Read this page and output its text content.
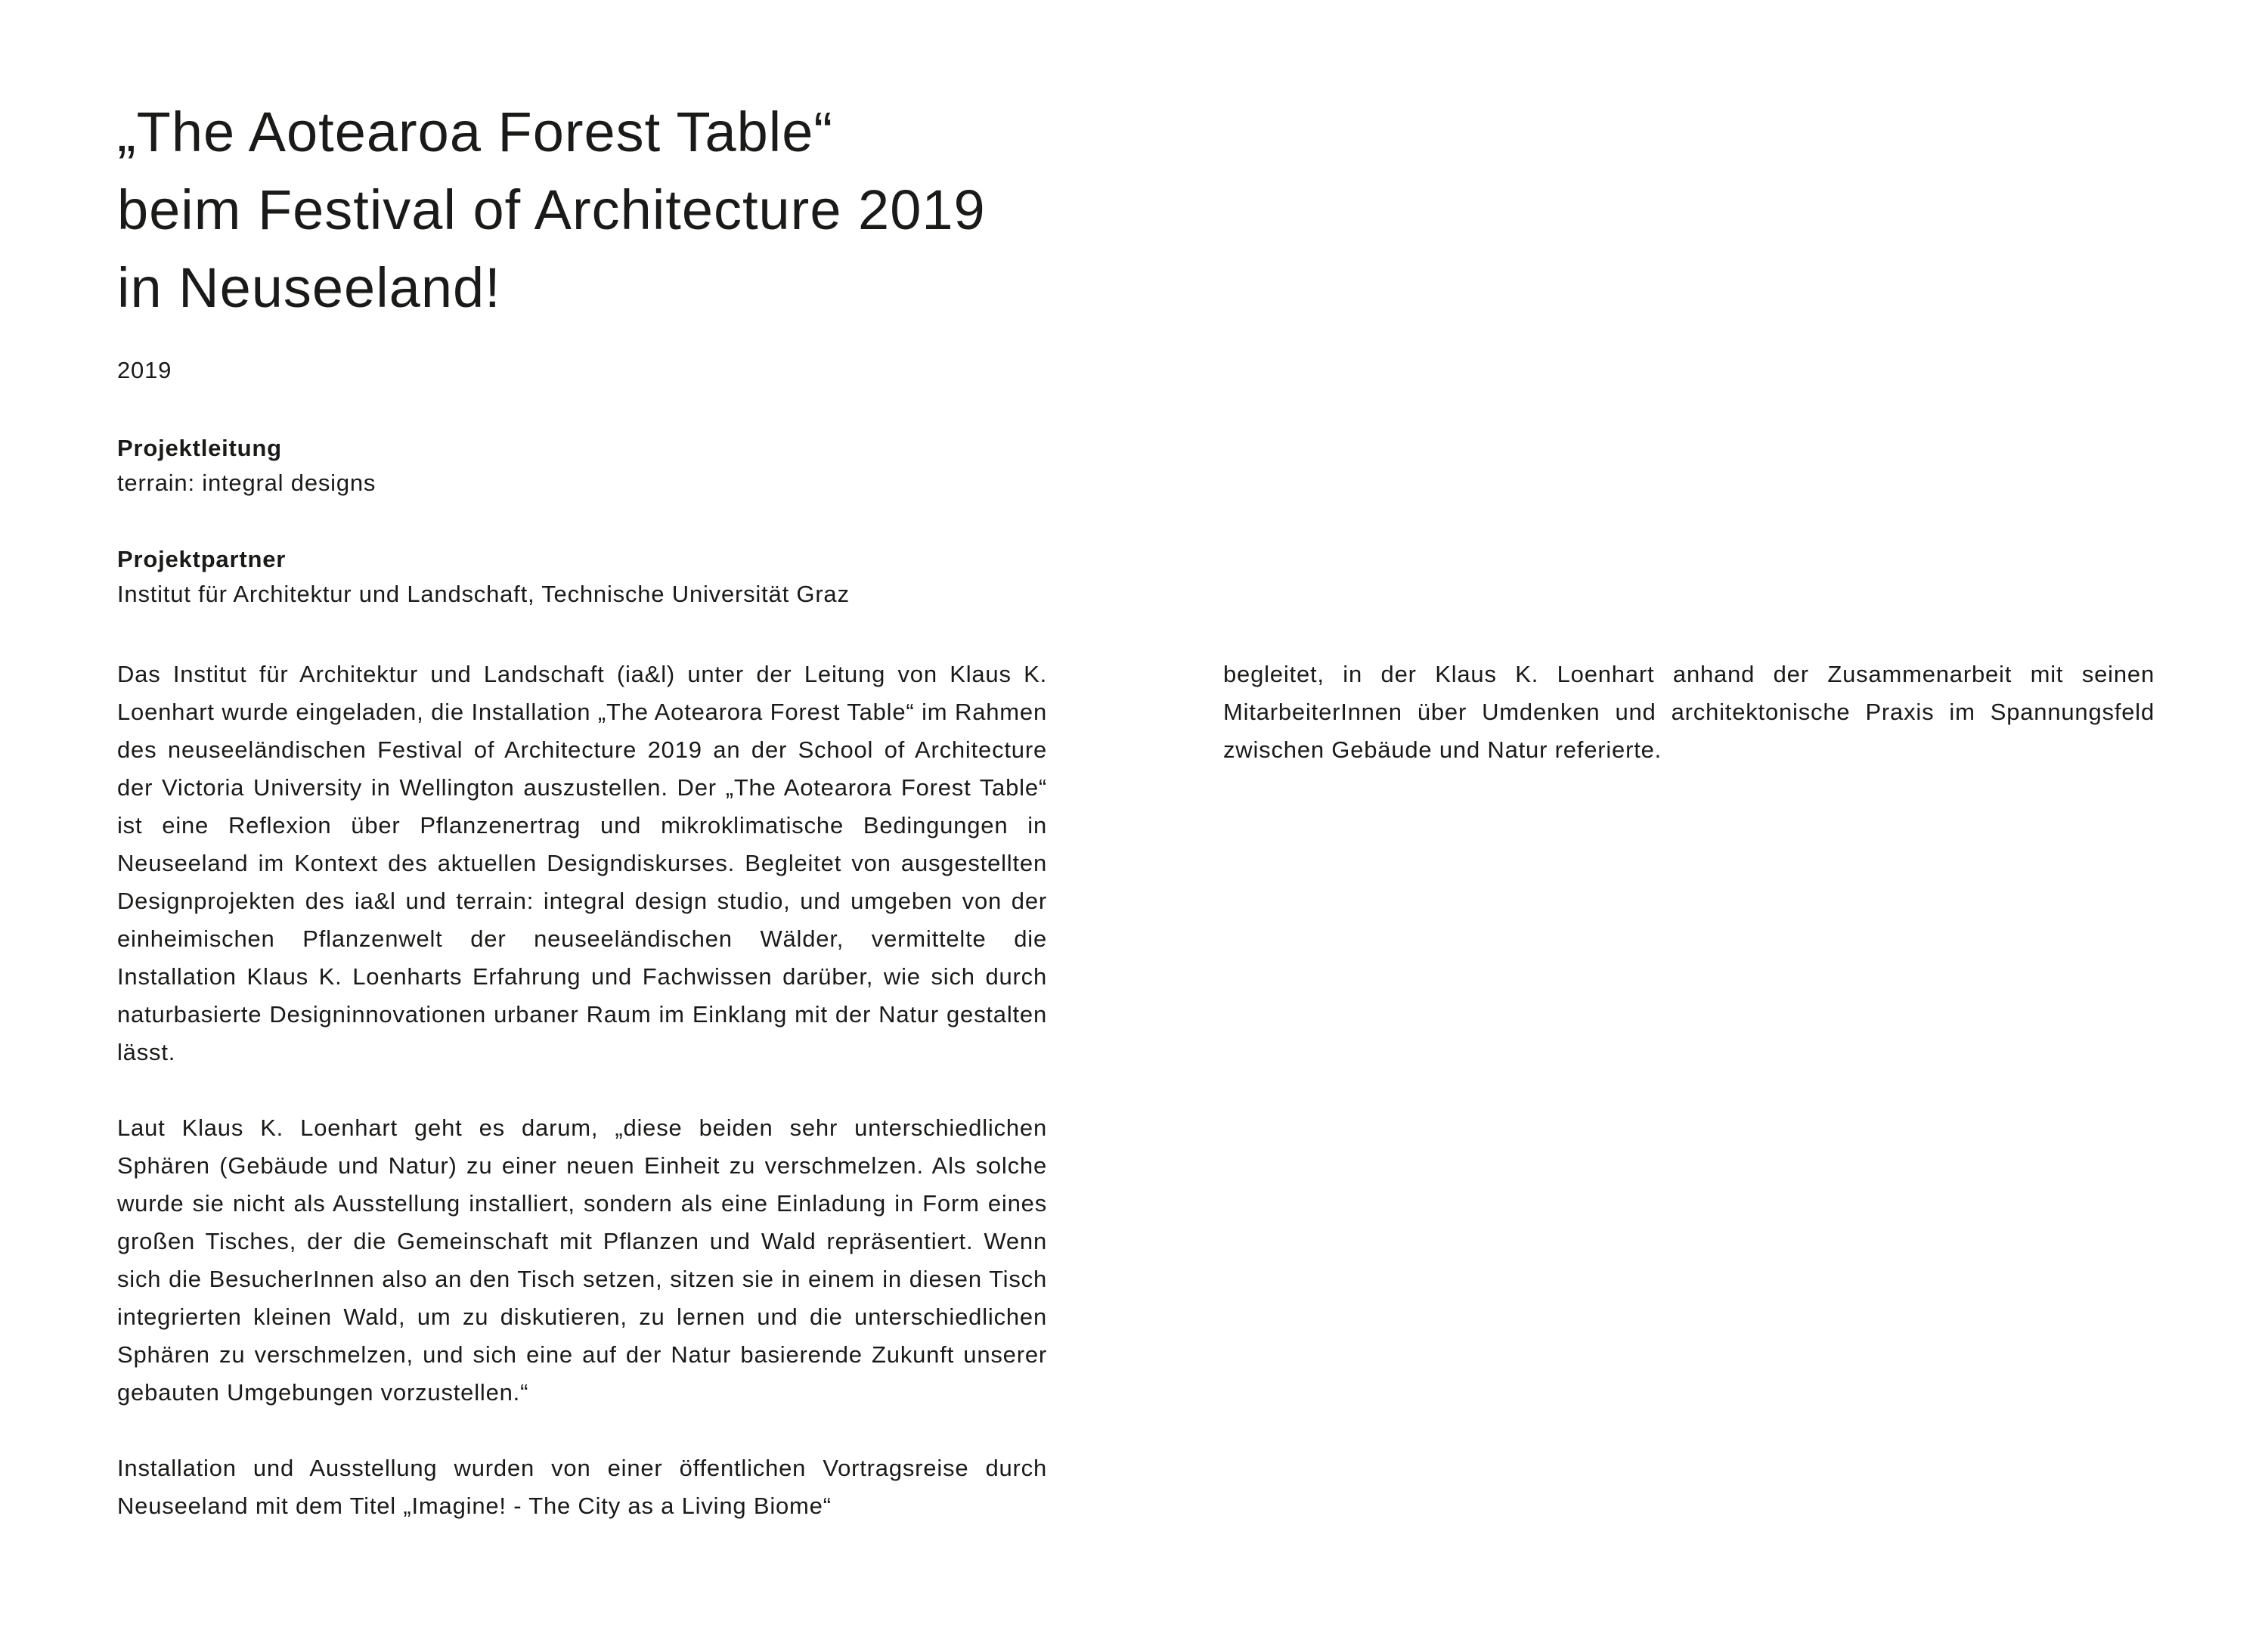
„The Aotearoa Forest Table“
beim Festival of Architecture 2019
in Neuseeland!
2019
Projektleitung
terrain: integral designs
Projektpartner
Institut für Architektur und Landschaft, Technische Universität Graz

Das Institut für Architektur und Landschaft (ia&l) unter der Leitung von Klaus K. Loenhart wurde eingeladen, die Installation „The Aotearora Forest Table“ im Rahmen des neuseeländischen Festival of Architecture 2019 an der School of Architecture der Victoria University in Wellington auszustellen. Der „The Aotearora Forest Table“ ist eine Reflexion über Pflanzenertrag und mikroklimatische Bedingungen in Neuseeland im Kontext des aktuellen Designdiskurses. Begleitet von ausgestellten Designprojekten des ia&l und terrain: integral design studio, und umgeben von der einheimischen Pflanzenwelt der neuseeländischen Wälder, vermittelte die Installation Klaus K. Loenharts Erfahrung und Fachwissen darüber, wie sich durch naturbasierte Designinnovationen urbaner Raum im Einklang mit der Natur gestalten lässt.

Laut Klaus K. Loenhart geht es darum, „diese beiden sehr unterschiedlichen Sphären (Gebäude und Natur) zu einer neuen Einheit zu verschmelzen. Als solche wurde sie nicht als Ausstellung installiert, sondern als eine Einladung in Form eines großen Tisches, der die Gemeinschaft mit Pflanzen und Wald repräsentiert. Wenn sich die BesucherInnen also an den Tisch setzen, sitzen sie in einem in diesen Tisch integrierten kleinen Wald, um zu diskutieren, zu lernen und die unterschiedlichen Sphären zu verschmelzen, und sich eine auf der Natur basierende Zukunft unserer gebauten Umgebungen vorzustellen.“

Installation und Ausstellung wurden von einer öffentlichen Vortragsreise durch Neuseeland mit dem Titel „Imagine! - The City as a Living Biome“

begleitet, in der Klaus K. Loenhart anhand der Zusammenarbeit mit seinen MitarbeiterInnen über Umdenken und architektonische Praxis im Spannungsfeld zwischen Gebäude und Natur referierte.
